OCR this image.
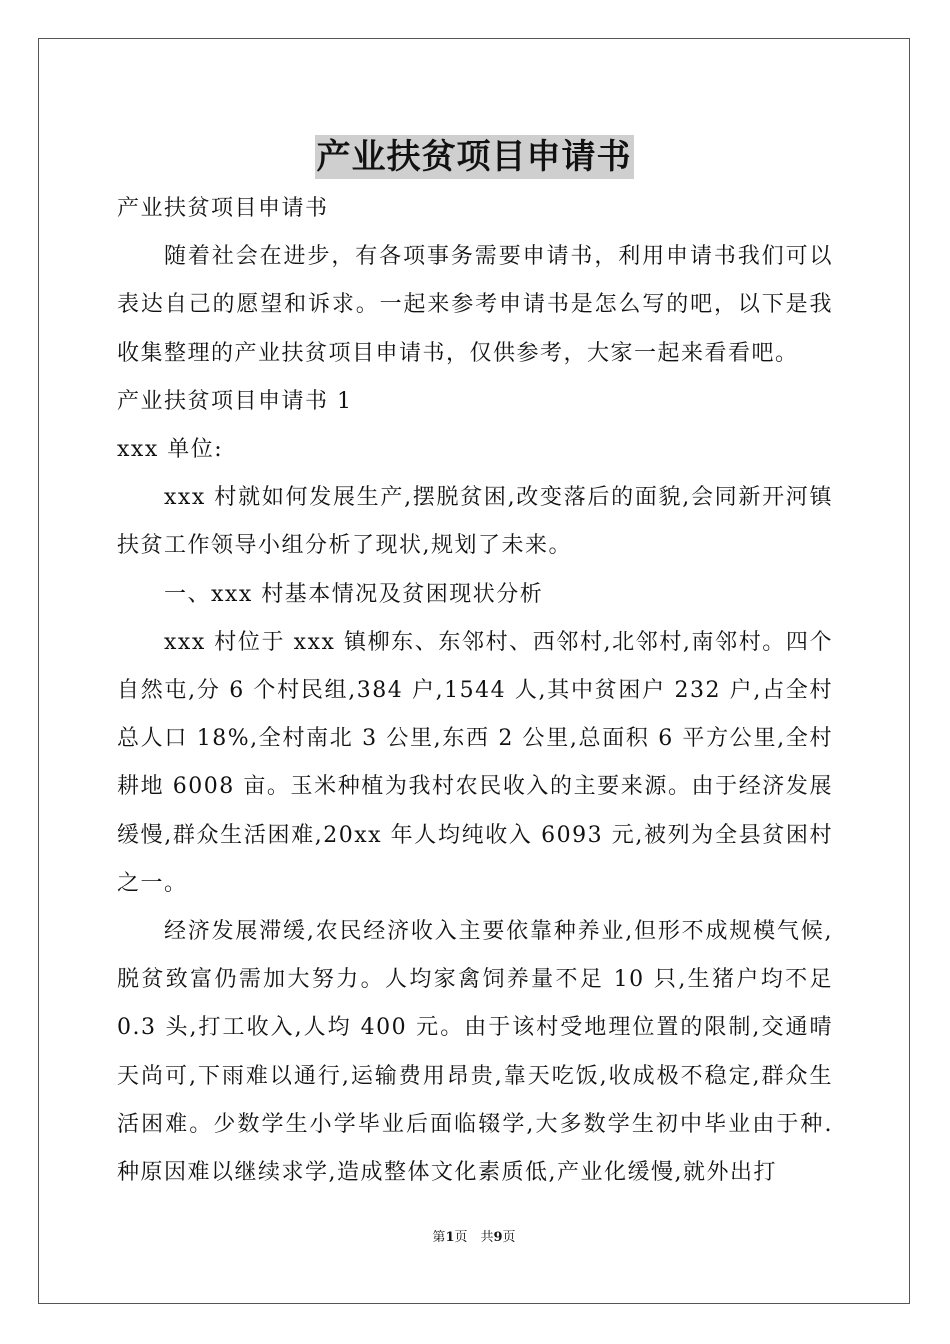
产业扶贫项目申请书

产业扶贫项目申请书

随着社会在进步，有各项事务需要申请书，利用申请书我们可以表达自己的愿望和诉求。一起来参考申请书是怎么写的吧，以下是我收集整理的产业扶贫项目申请书，仅供参考，大家一起来看看吧。

产业扶贫项目申请书 1

xxx 单位:

xxx 村就如何发展生产,摆脱贫困,改变落后的面貌,会同新开河镇扶贫工作领导小组分析了现状,规划了未来。

一、xxx 村基本情况及贫困现状分析

xxx 村位于 xxx 镇柳东、东邻村、西邻村,北邻村,南邻村。四个自然屯,分 6 个村民组,384 户,1544 人,其中贫困户 232 户,占全村总人口 18%,全村南北 3 公里,东西 2 公里,总面积 6 平方公里,全村耕地 6008 亩。玉米种植为我村农民收入的主要来源。由于经济发展缓慢,群众生活困难,20xx 年人均纯收入 6093 元,被列为全县贫困村之一。

经济发展滞缓,农民经济收入主要依靠种养业,但形不成规模气候,脱贫致富仍需加大努力。人均家禽饲养量不足 10 只,生猪户均不足 0.3 头,打工收入,人均 400 元。由于该村受地理位置的限制,交通晴天尚可,下雨难以通行,运输费用昂贵,靠天吃饭,收成极不稳定,群众生活困难。少数学生小学毕业后面临辍学,大多数学生初中毕业由于种.种原因难以继续求学,造成整体文化素质低,产业化缓慢,就外出打

第1页　共9页
